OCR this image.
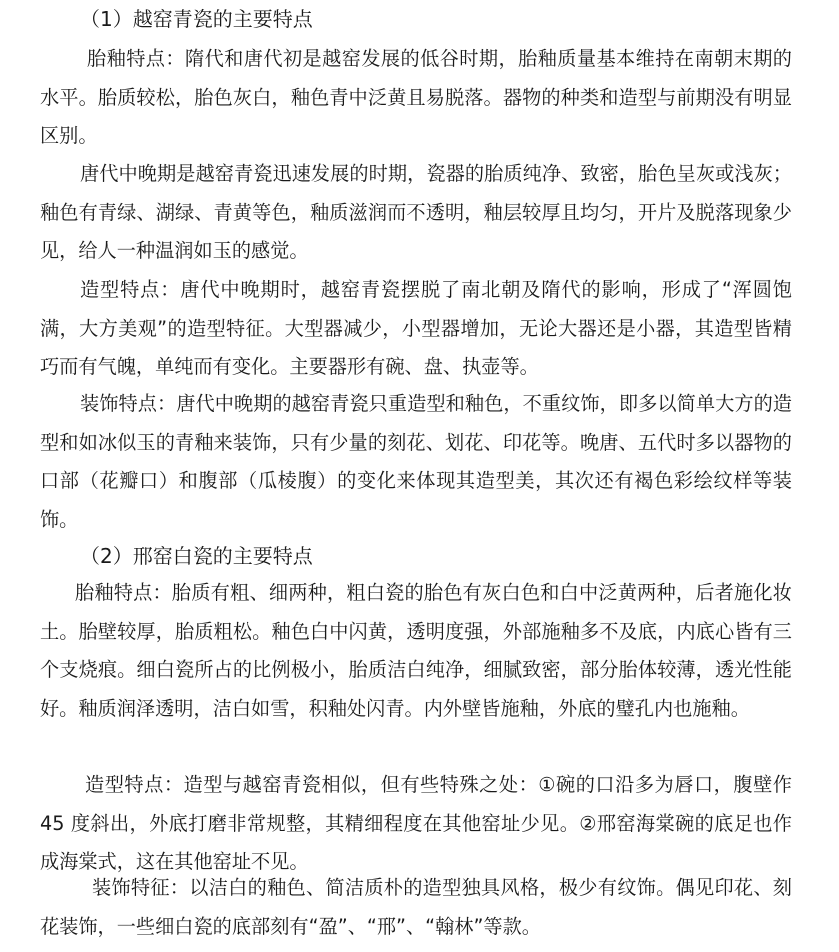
（1）越窑青瓷的主要特点

胎釉特点：隋代和唐代初是越窑发展的低谷时期，胎釉质量基本维持在南朝末期的水平。胎质较松，胎色灰白，釉色青中泛黄且易脱落。器物的种类和造型与前期没有明显区别。

唐代中晚期是越窑青瓷迅速发展的时期，瓷器的胎质纯净、致密，胎色呈灰或浅灰；釉色有青绿、湖绿、青黄等色，釉质滋润而不透明，釉层较厚且均匀，开片及脱落现象少见，给人一种温润如玉的感觉。

造型特点：唐代中晚期时，越窑青瓷摆脱了南北朝及隋代的影响，形成了“浑圆饱满，大方美观”的造型特征。大型器减少，小型器增加，无论大器还是小器，其造型皆精巧而有气魄，单纯而有变化。主要器形有碗、盘、执壶等。

装饰特点：唐代中晚期的越窑青瓷只重造型和釉色，不重纹饰，即多以简单大方的造型和如冰似玉的青釉来装饰，只有少量的刻花、划花、印花等。晚唐、五代时多以器物的口部（花瓣口）和腹部（瓜棱腹）的变化来体现其造型美，其次还有褐色彩绘纹样等装饰。

（2）邢窑白瓷的主要特点

胎釉特点：胎质有粗、细两种，粗白瓷的胎色有灰白色和白中泛黄两种，后者施化妆土。胎壁较厚，胎质粗松。釉色白中闪黄，透明度强，外部施釉多不及底，内底心皆有三个支烧痕。细白瓷所占的比例极小，胎质洁白纯净，细腻致密，部分胎体较薄，透光性能好。釉质润泽透明，洁白如雪，积釉处闪青。内外壁皆施釉，外底的璧孔内也施釉。

造型特点：造型与越窑青瓷相似，但有些特殊之处：①碗的口沿多为唇口，腹壁作 45 度斜出，外底打磨非常规整，其精细程度在其他窑址少见。②邢窑海棠碗的底足也作成海棠式，这在其他窑址不见。

装饰特征：以洁白的釉色、简洁质朴的造型独具风格，极少有纹饰。偶见印花、刻花装饰，一些细白瓷的底部刻有“盈”、“邢”、“翰林”等款。
